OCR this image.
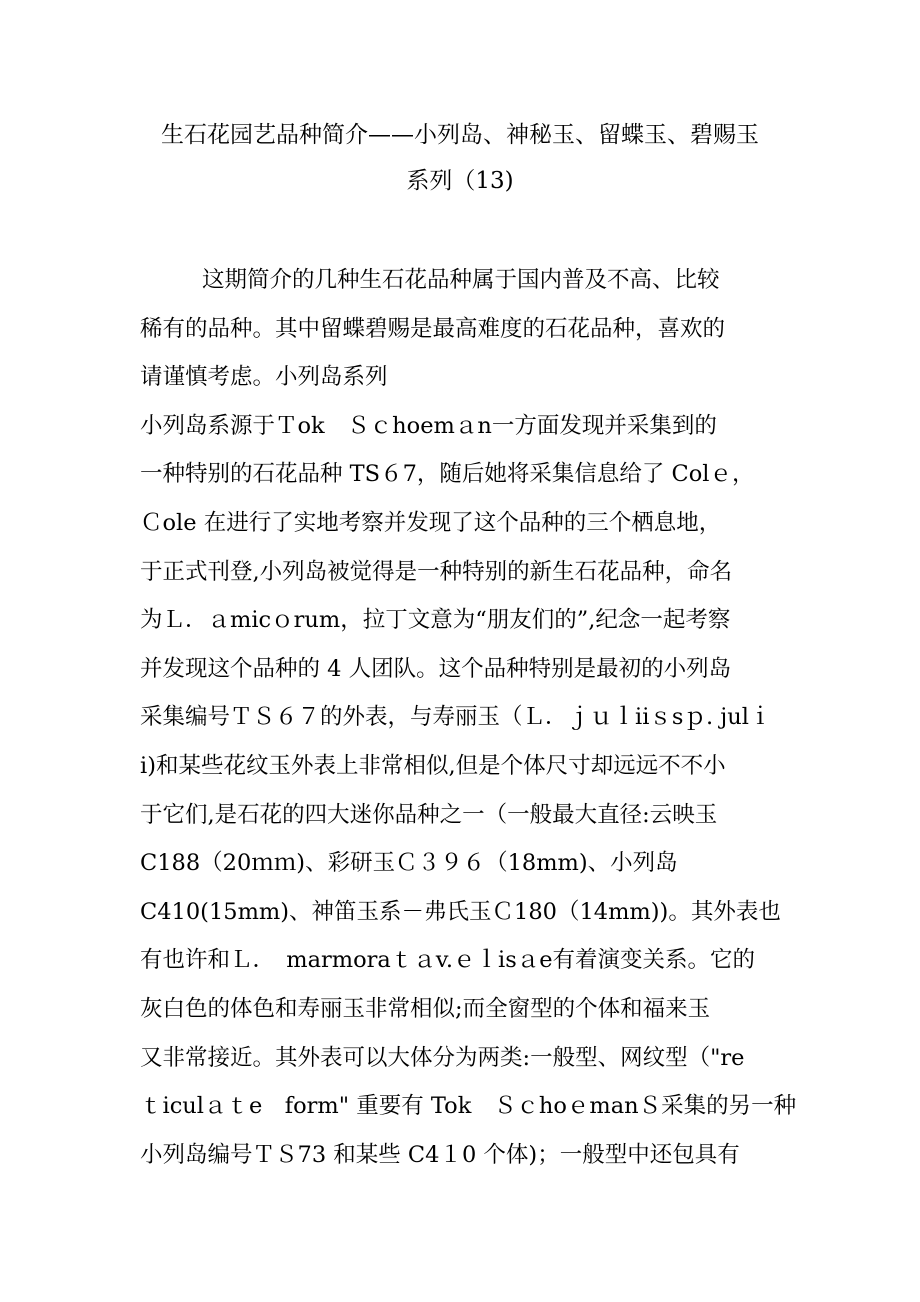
生石花园艺品种简介——小列岛、神秘玉、留蝶玉、碧赐玉
系列（13)
这期简介的几种生石花品种属于国内普及不高、比较
稀有的品种。其中留蝶碧赐是最高难度的石花品种，喜欢的
请谨慎考虑。小列岛系列
小列岛系源于Ｔok　Ｓｃhoemａn一方面发现并采集到的
一种特别的石花品种 TS６7，随后她将采集信息给了 Colｅ，
Ｃole 在进行了实地考察并发现了这个品种的三个栖息地，
于正式刊登,小列岛被觉得是一种特别的新生石花品种，命名
为Ｌ．ａmicｏrum，拉丁文意为“朋友们的”,纪念一起考察
并发现这个品种的 4 人团队。这个品种特别是最初的小列岛
采集编号ＴＳ６７的外表，与寿丽玉（Ｌ．ｊｕｌiiｓsｐ. julｉ
i)和某些花纹玉外表上非常相似,但是个体尺寸却远远不不小
于它们,是石花的四大迷你品种之一（一般最大直径:云映玉
C188（20ｍｍ)、彩研玉Ｃ３９６（18mm)、小列岛
C410(15mm)、神笛玉系－弗氏玉Ｃ180（14mm))。其外表也
有也许和Ｌ．　marmoraｔａv.ｅｌisａe有着演变关系。它的
灰白色的体色和寿丽玉非常相似;而全窗型的个体和福来玉
又非常接近。其外表可以大体分为两类:一般型、网纹型（"re
ｔiculａｔe　form" 重要有 Tok　ＳｃhoｅmanＳ采集的另一种
小列岛编号ＴＳ73 和某些 C4１0 个体)；一般型中还包具有
